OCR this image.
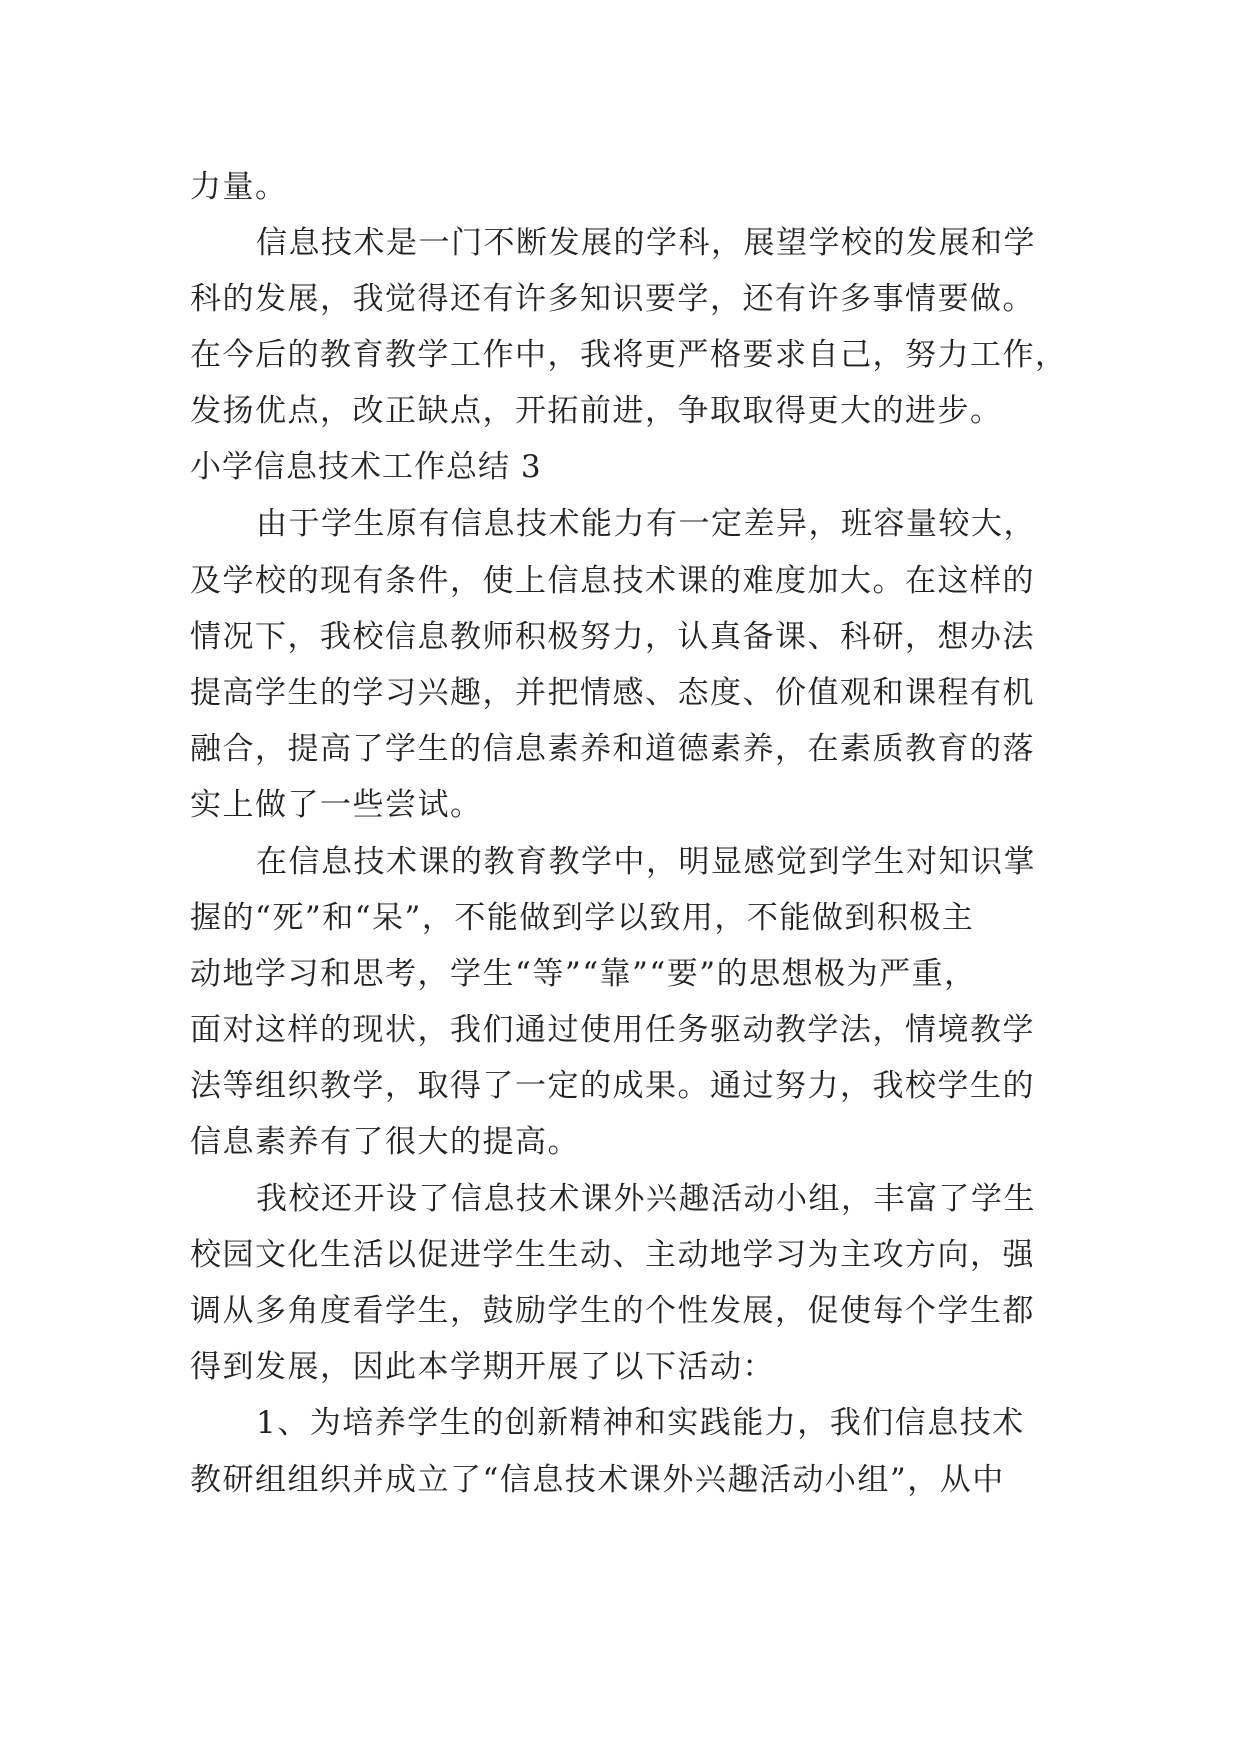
力量。
信息技术是一门不断发展的学科，展望学校的发展和学
科的发展，我觉得还有许多知识要学，还有许多事情要做。
在今后的教育教学工作中，我将更严格要求自己，努力工作，
发扬优点，改正缺点，开拓前进，争取取得更大的进步。
小学信息技术工作总结 3
由于学生原有信息技术能力有一定差异，班容量较大，
及学校的现有条件，使上信息技术课的难度加大。在这样的
情况下，我校信息教师积极努力，认真备课、科研，想办法
提高学生的学习兴趣，并把情感、态度、价值观和课程有机
融合，提高了学生的信息素养和道德素养，在素质教育的落
实上做了一些尝试。
在信息技术课的教育教学中，明显感觉到学生对知识掌
握的“死”和“呆”，不能做到学以致用，不能做到积极主
动地学习和思考，学生“等”“靠”“要”的思想极为严重，
面对这样的现状，我们通过使用任务驱动教学法，情境教学
法等组织教学，取得了一定的成果。通过努力，我校学生的
信息素养有了很大的提高。
我校还开设了信息技术课外兴趣活动小组，丰富了学生
校园文化生活以促进学生生动、主动地学习为主攻方向，强
调从多角度看学生，鼓励学生的个性发展，促使每个学生都
得到发展，因此本学期开展了以下活动：
1、为培养学生的创新精神和实践能力，我们信息技术
教研组组织并成立了“信息技术课外兴趣活动小组”，从中
